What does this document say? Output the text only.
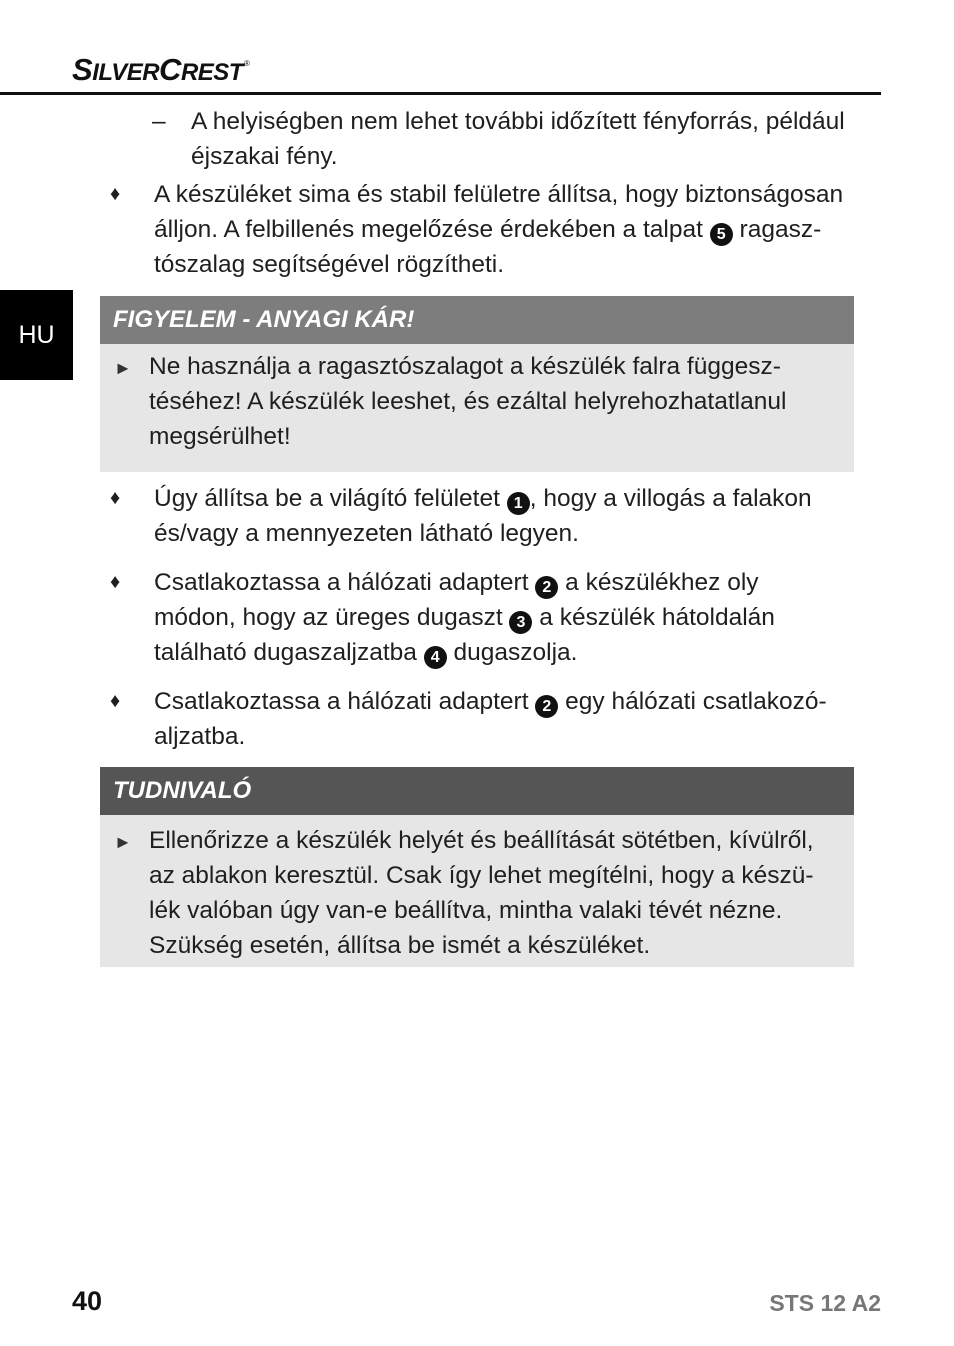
SILVERCREST®
HU
– A helyiségben nem lehet további időzített fényforrás, például éjszakai fény.
♦ A készüléket sima és stabil felületre állítsa, hogy biztonságosan
álljon. A felbillenés megelőzése érdekében a talpat 5 ragasz-
tószalag segítségével rögzítheti.
FIGYELEM - ANYAGI KÁR!
► Ne használja a ragasztószalagot a készülék falra függesz-
téséhez! A készülék leeshet, és ezáltal helyrehozhatatlanul
megsérülhet!
♦ Úgy állítsa be a világító felületet 1 , hogy a villogás a falakon
és/vagy a mennyezeten látható legyen.
♦ Csatlakoztassa a hálózati adaptert 2 a készülékhez oly
módon, hogy az üreges dugaszt 3 a készülék hátoldalán
található dugaszaljzatba 4 dugaszolja.
♦ Csatlakoztassa a hálózati adaptert 2 egy hálózati csatlakozó-
aljzatba.
TUDNIVALÓ
► Ellenőrizze a készülék helyét és beállítását sötétben, kívülről,
az ablakon keresztül. Csak így lehet megítélni, hogy a készü-
lék valóban úgy van-e beállítva, mintha valaki tévét nézne.
Szükség esetén, állítsa be ismét a készüléket.
40	STS 12 A2
